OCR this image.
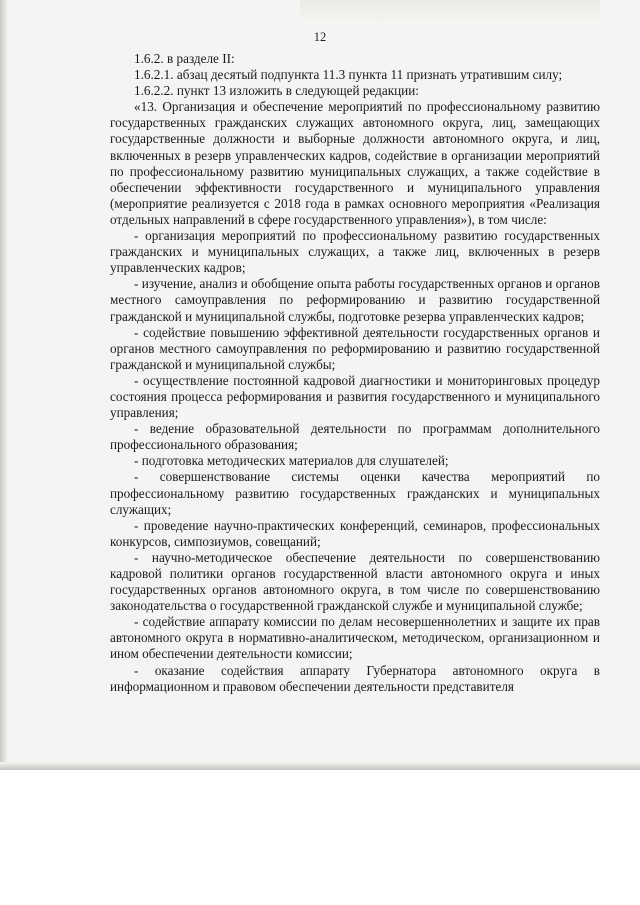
12

1.6.2. в разделе II:

1.6.2.1. абзац десятый подпункта 11.3 пункта 11 признать утратившим силу;

1.6.2.2. пункт 13 изложить в следующей редакции:

«13. Организация и обеспечение мероприятий по профессиональному развитию государственных гражданских служащих автономного округа, лиц, замещающих государственные должности и выборные должности автономного округа, и лиц, включенных в резерв управленческих кадров, содействие в организации мероприятий по профессиональному развитию муниципальных служащих, а также содействие в обеспечении эффективности государственного и муниципального управления (мероприятие реализуется с 2018 года в рамках основного мероприятия «Реализация отдельных направлений в сфере государственного управления»), в том числе:

- организация мероприятий по профессиональному развитию государственных гражданских и муниципальных служащих, а также лиц, включенных в резерв управленческих кадров;

- изучение, анализ и обобщение опыта работы государственных органов и органов местного самоуправления по реформированию и развитию государственной гражданской и муниципальной службы, подготовке резерва управленческих кадров;

- содействие повышению эффективной деятельности государственных органов и органов местного самоуправления по реформированию и развитию государственной гражданской и муниципальной службы;

- осуществление постоянной кадровой диагностики и мониторинговых процедур состояния процесса реформирования и развития государственного и муниципального управления;

- ведение образовательной деятельности по программам дополнительного профессионального образования;

- подготовка методических материалов для слушателей;

- совершенствование системы оценки качества мероприятий по профессиональному развитию государственных гражданских и муниципальных служащих;

- проведение научно-практических конференций, семинаров, профессиональных конкурсов, симпозиумов, совещаний;

- научно-методическое обеспечение деятельности по совершенствованию кадровой политики органов государственной власти автономного округа и иных государственных органов автономного округа, в том числе по совершенствованию законодательства о государственной гражданской службе и муниципальной службе;

- содействие аппарату комиссии по делам несовершеннолетних и защите их прав автономного округа в нормативно-аналитическом, методическом, организационном и ином обеспечении деятельности комиссии;

- оказание содействия аппарату Губернатора автономного округа в информационном и правовом обеспечении деятельности представителя
